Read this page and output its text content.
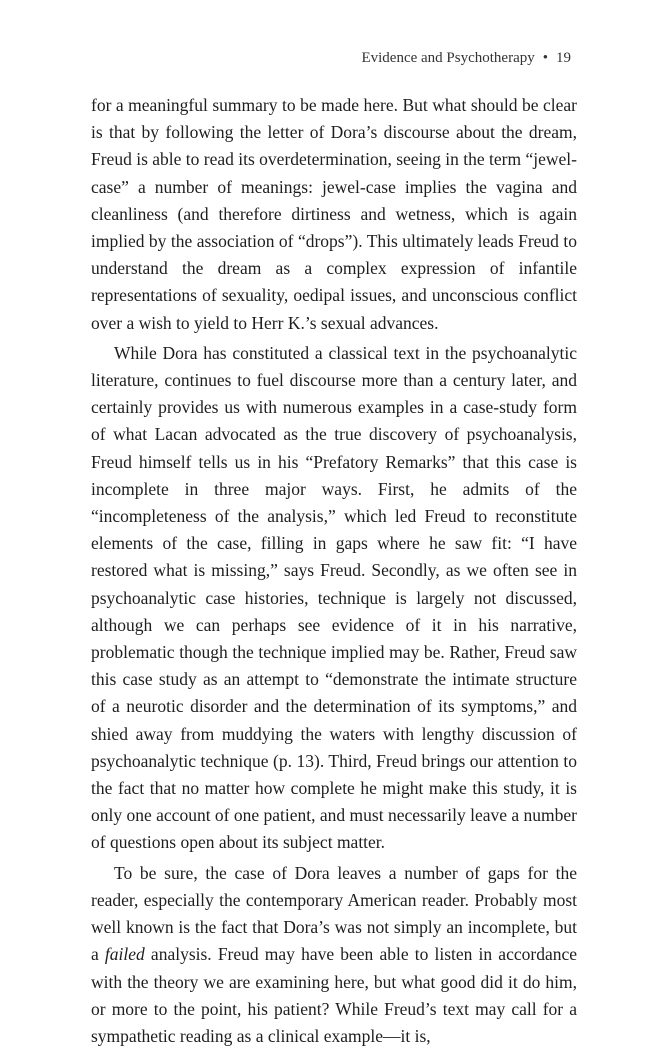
Evidence and Psychotherapy • 19

for a meaningful summary to be made here. But what should be clear is that by following the letter of Dora’s discourse about the dream, Freud is able to read its overdetermination, seeing in the term “jewel-case” a number of meanings: jewel-case implies the vagina and cleanliness (and therefore dirtiness and wetness, which is again implied by the association of “drops”). This ultimately leads Freud to understand the dream as a complex expression of infantile representations of sexuality, oedipal issues, and unconscious conflict over a wish to yield to Herr K.’s sexual advances.

While Dora has constituted a classical text in the psychoanalytic literature, continues to fuel discourse more than a century later, and certainly provides us with numerous examples in a case-study form of what Lacan advocated as the true discovery of psychoanalysis, Freud himself tells us in his “Prefatory Remarks” that this case is incomplete in three major ways. First, he admits of the “incompleteness of the analysis,” which led Freud to reconstitute elements of the case, filling in gaps where he saw fit: “I have restored what is missing,” says Freud. Secondly, as we often see in psychoanalytic case histories, technique is largely not discussed, although we can perhaps see evidence of it in his narrative, problematic though the technique implied may be. Rather, Freud saw this case study as an attempt to “demonstrate the intimate structure of a neurotic disorder and the determination of its symptoms,” and shied away from muddying the waters with lengthy discussion of psychoanalytic technique (p. 13). Third, Freud brings our attention to the fact that no matter how complete he might make this study, it is only one account of one patient, and must necessarily leave a number of questions open about its subject matter.

To be sure, the case of Dora leaves a number of gaps for the reader, especially the contemporary American reader. Probably most well known is the fact that Dora’s was not simply an incomplete, but a failed analysis. Freud may have been able to listen in accordance with the theory we are examining here, but what good did it do him, or more to the point, his patient? While Freud’s text may call for a sympathetic reading as a clinical example—it is,
